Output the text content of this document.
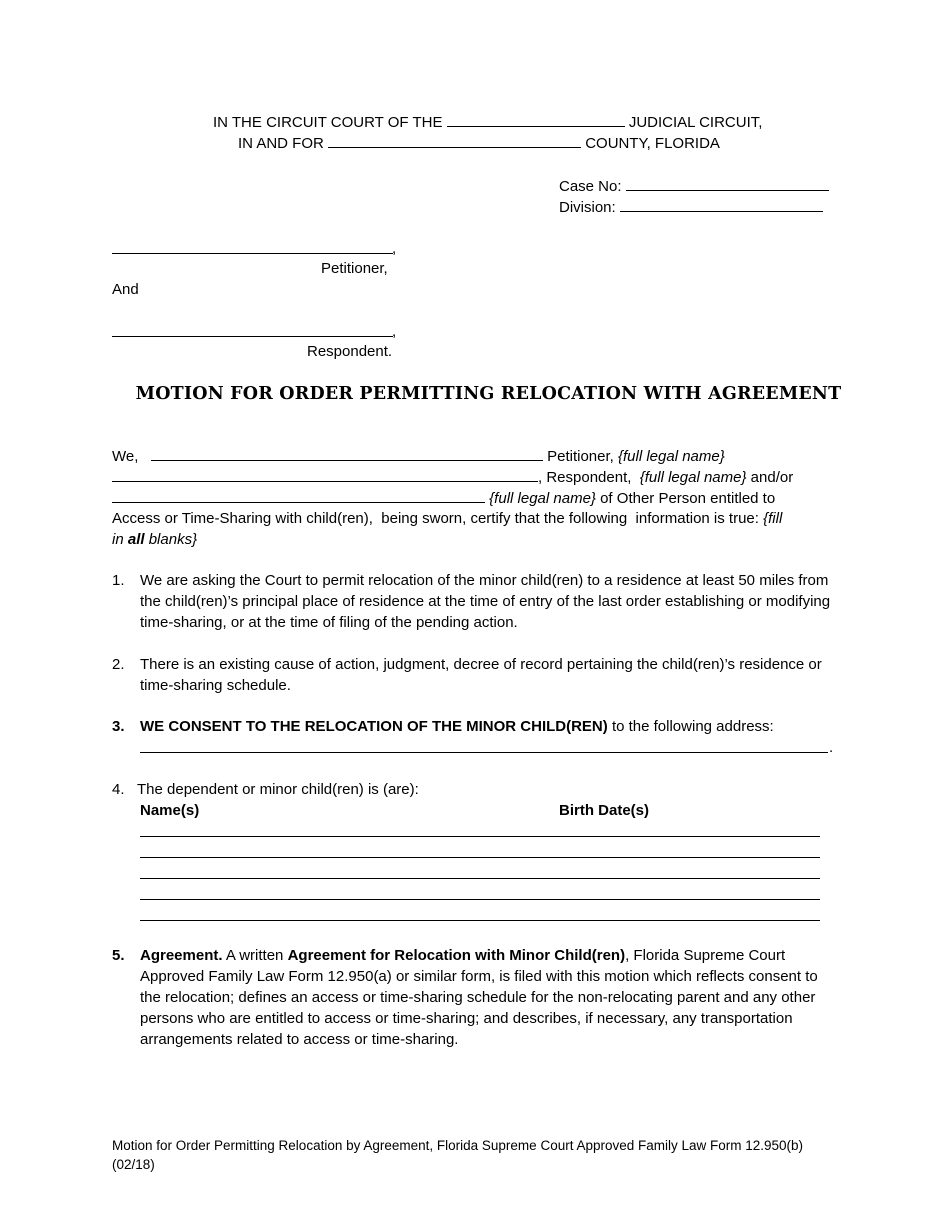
IN THE CIRCUIT COURT OF THE	JUDICIAL CIRCUIT,
IN AND FOR	COUNTY, FLORIDA
Case No:
Division:
,
Petitioner,
And
,
Respondent.
MOTION FOR ORDER PERMITTING RELOCATION WITH AGREEMENT
We,	Petitioner, {full legal name}
, Respondent, {full legal name} and/or
{full legal name} of Other Person entitled to
Access or Time-Sharing with child(ren),  being sworn, certify that the following  information is true: {fill
in all blanks}
1. We are asking the Court to permit relocation of the minor child(ren) to a residence at least 50 miles from the child(ren)’s principal place of residence at the time of entry of the last order establishing or modifying time-sharing, or at the time of filing of the pending action.
2. There is an existing cause of action, judgment, decree of record pertaining the child(ren)’s residence or time-sharing schedule.
3. WE CONSENT TO THE RELOCATION OF THE MINOR CHILD(REN) to the following address:
.
4. The dependent or minor child(ren) is (are):
Name(s)	Birth Date(s)
5. Agreement. A written Agreement for Relocation with Minor Child(ren), Florida Supreme Court Approved Family Law Form 12.950(a) or similar form, is filed with this motion which reflects consent to the relocation; defines an access or time-sharing schedule for the non-relocating parent and any other persons who are entitled to access or time-sharing; and describes, if necessary, any transportation arrangements related to access or time-sharing.
Motion for Order Permitting Relocation by Agreement, Florida Supreme Court Approved Family Law Form 12.950(b) (02/18)
